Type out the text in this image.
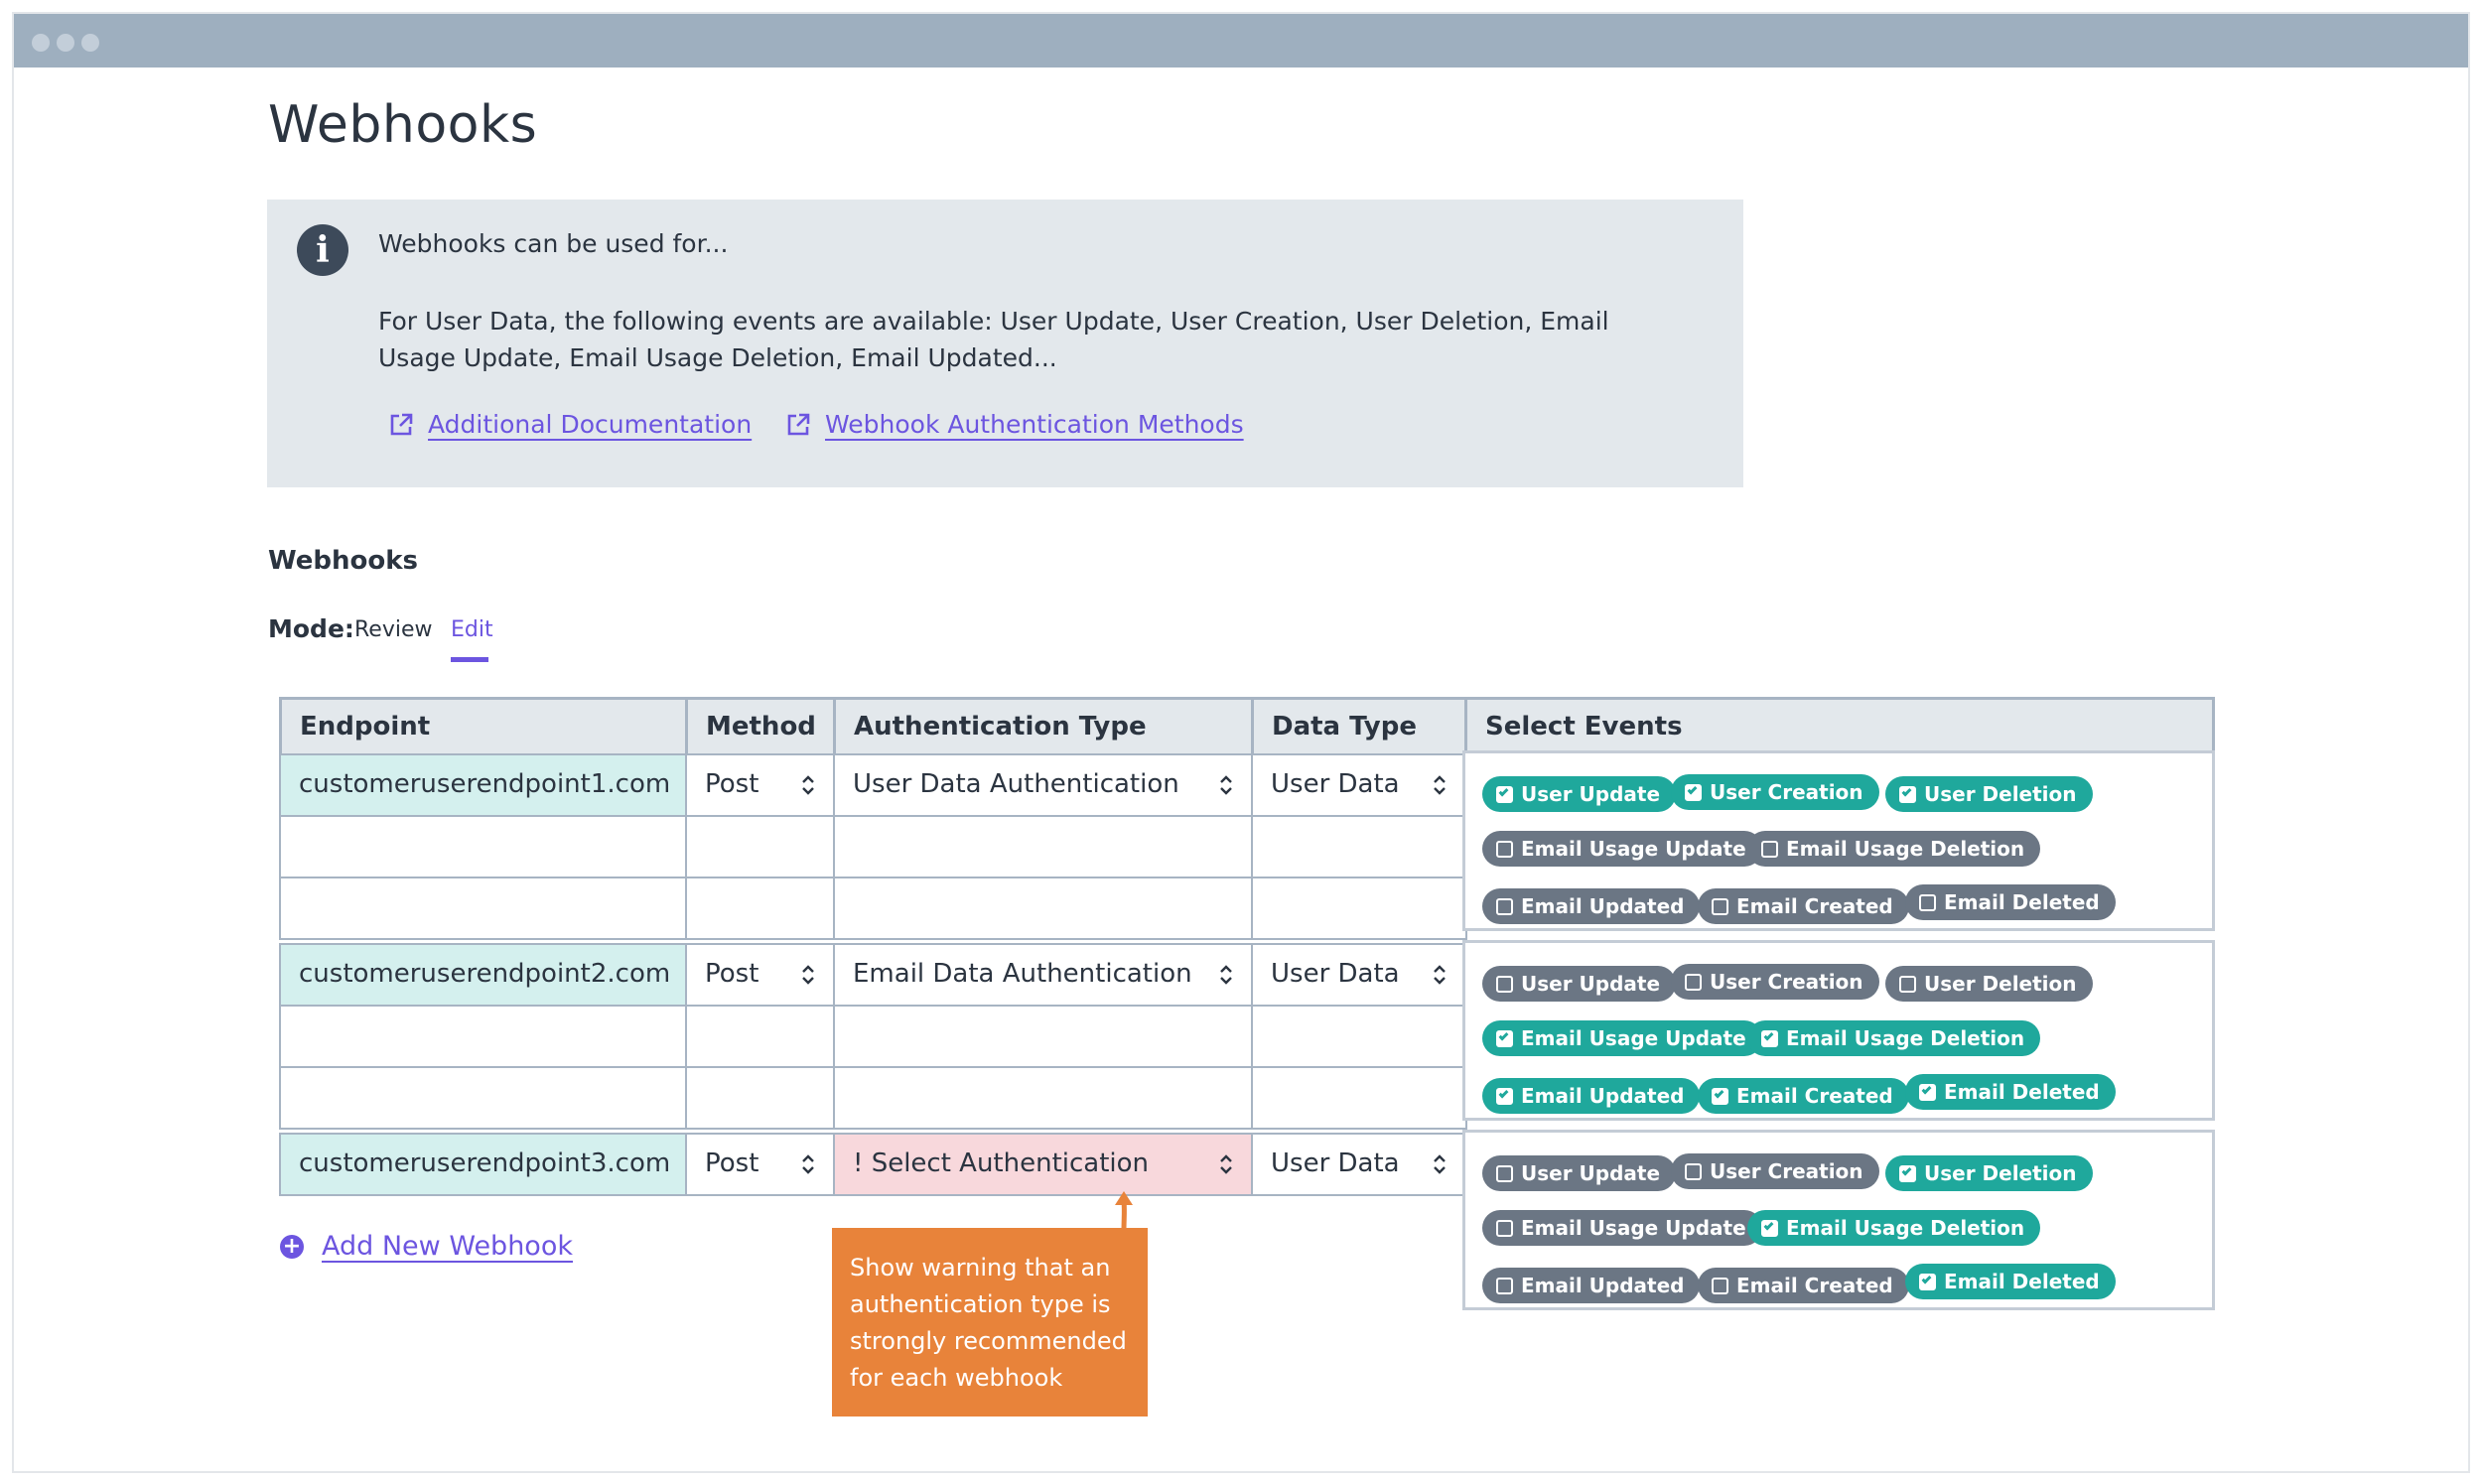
Webhooks
i	Webhooks can be used for...
For User Data, the following events are available: User Update, User Creation, User Deletion, Email Usage Update, Email Usage Deletion, Email Updated...
Additional Documentation	Webhook Authentication Methods
Webhooks
Mode: Review Edit
Endpoint	Method	Authentication Type	Data Type	Select Events
customeruserendpoint1.com	Post	User Data Authentication	User Data	User Update User Creation	User Deletion
Email Usage Update Email Usage Deletion
Email Updated	Email Created	Email Deleted
customeruserendpoint2.com	Post	Email Data Authentication	User Data	User Update User Creation	User Deletion
Email Usage Update Email Usage Deletion
Email Updated	Email Created	Email Deleted
customeruserendpoint3.com	Post	! Select Authentication	User Data	User Update User Creation	User Deletion
Email Usage Update Email Usage Deletion
Email Updated	Email Created	Email Deleted
+ Add New Webhook
Show warning that an authentication type is strongly recommended for each webhook
